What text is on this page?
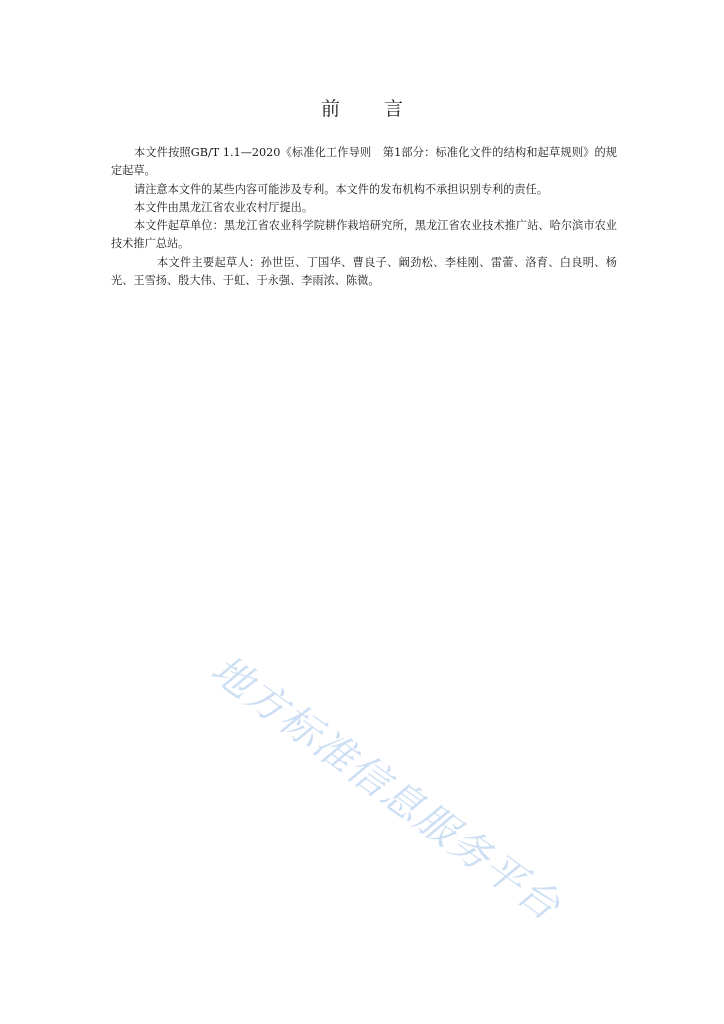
前 言

本文件按照GB/T 1.1—2020《标准化工作导则　第1部分：标准化文件的结构和起草规则》的规定起草。

请注意本文件的某些内容可能涉及专利。本文件的发布机构不承担识别专利的责任。

本文件由黑龙江省农业农村厅提出。

本文件起草单位：黑龙江省农业科学院耕作栽培研究所，黑龙江省农业技术推广站、哈尔滨市农业技术推广总站。

本文件主要起草人：孙世臣、丁国华、曹良子、阚劲松、李桂刚、雷蕾、洛育、白良明、杨光、王雪扬、殷大伟、于虹、于永强、李雨浓、陈微。

地方标准信息服务平台
